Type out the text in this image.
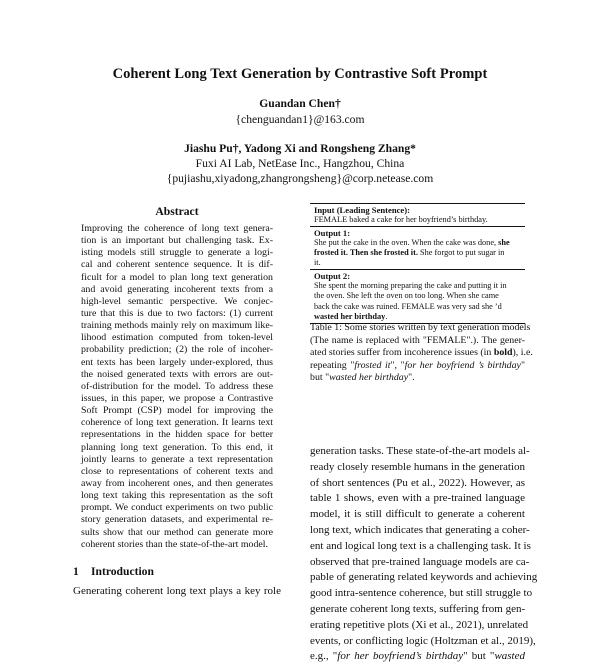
Coherent Long Text Generation by Contrastive Soft Prompt
Guandan Chen†
{chenguandan1}@163.com
Jiashu Pu†, Yadong Xi and Rongsheng Zhang*
Fuxi AI Lab, NetEase Inc., Hangzhou, China
{pujiashu,xiyadong,zhangrongsheng}@corp.netease.com
Abstract
Improving the coherence of long text genera-
tion is an important but challenging task. Ex-
isting models still struggle to generate a logi-
cal and coherent sentence sequence. It is dif-
ficult for a model to plan long text generation
and avoid generating incoherent texts from a
high-level semantic perspective. We conjec-
ture that this is due to two factors: (1) current
training methods mainly rely on maximum like-
lihood estimation computed from token-level
probability prediction; (2) the role of incoher-
ent texts has been largely under-explored, thus
the noised generated texts with errors are out-
of-distribution for the model. To address these
issues, in this paper, we propose a Contrastive
Soft Prompt (CSP) model for improving the
coherence of long text generation. It learns text
representations in the hidden space for better
planning long text generation. To this end, it
jointly learns to generate a text representation
close to representations of coherent texts and
away from incoherent ones, and then generates
long text taking this representation as the soft
prompt. We conduct experiments on two public
story generation datasets, and experimental re-
sults show that our method can generate more
coherent stories than the state-of-the-art model.
1 Introduction
Generating coherent long text plays a key role
Input (Leading Sentence):
FEMALE baked a cake for her boyfriend’s birthday.
Output 1:
She put the cake in the oven. When the cake was done, she
frosted it. Then she frosted it. She forgot to put sugar in
it.
Output 2:
She spent the morning preparing the cake and putting it in
the oven. She left the oven on too long. When she came
back the cake was ruined. FEMALE was very sad she ’d
wasted her birthday.
Table 1: Some stories written by text generation models
(The name is replaced with "FEMALE".). The gener-
ated stories suffer from incoherence issues (in bold), i.e.
repeating "frosted it", "for her boyfriend ’s birthday"
but "wasted her birthday".
generation tasks. These state-of-the-art models al-
ready closely resemble humans in the generation
of short sentences (Pu et al., 2022). However, as
table 1 shows, even with a pre-trained language
model, it is still difficult to generate a coherent
long text, which indicates that generating a coher-
ent and logical long text is a challenging task. It is
observed that pre-trained language models are ca-
pable of generating related keywords and achieving
good intra-sentence coherence, but still struggle to
generate coherent long texts, suffering from gen-
erating repetitive plots (Xi et al., 2021), unrelated
events, or conflicting logic (Holtzman et al., 2019),
e.g., "for her boyfriend’s birthday" but "wasted
